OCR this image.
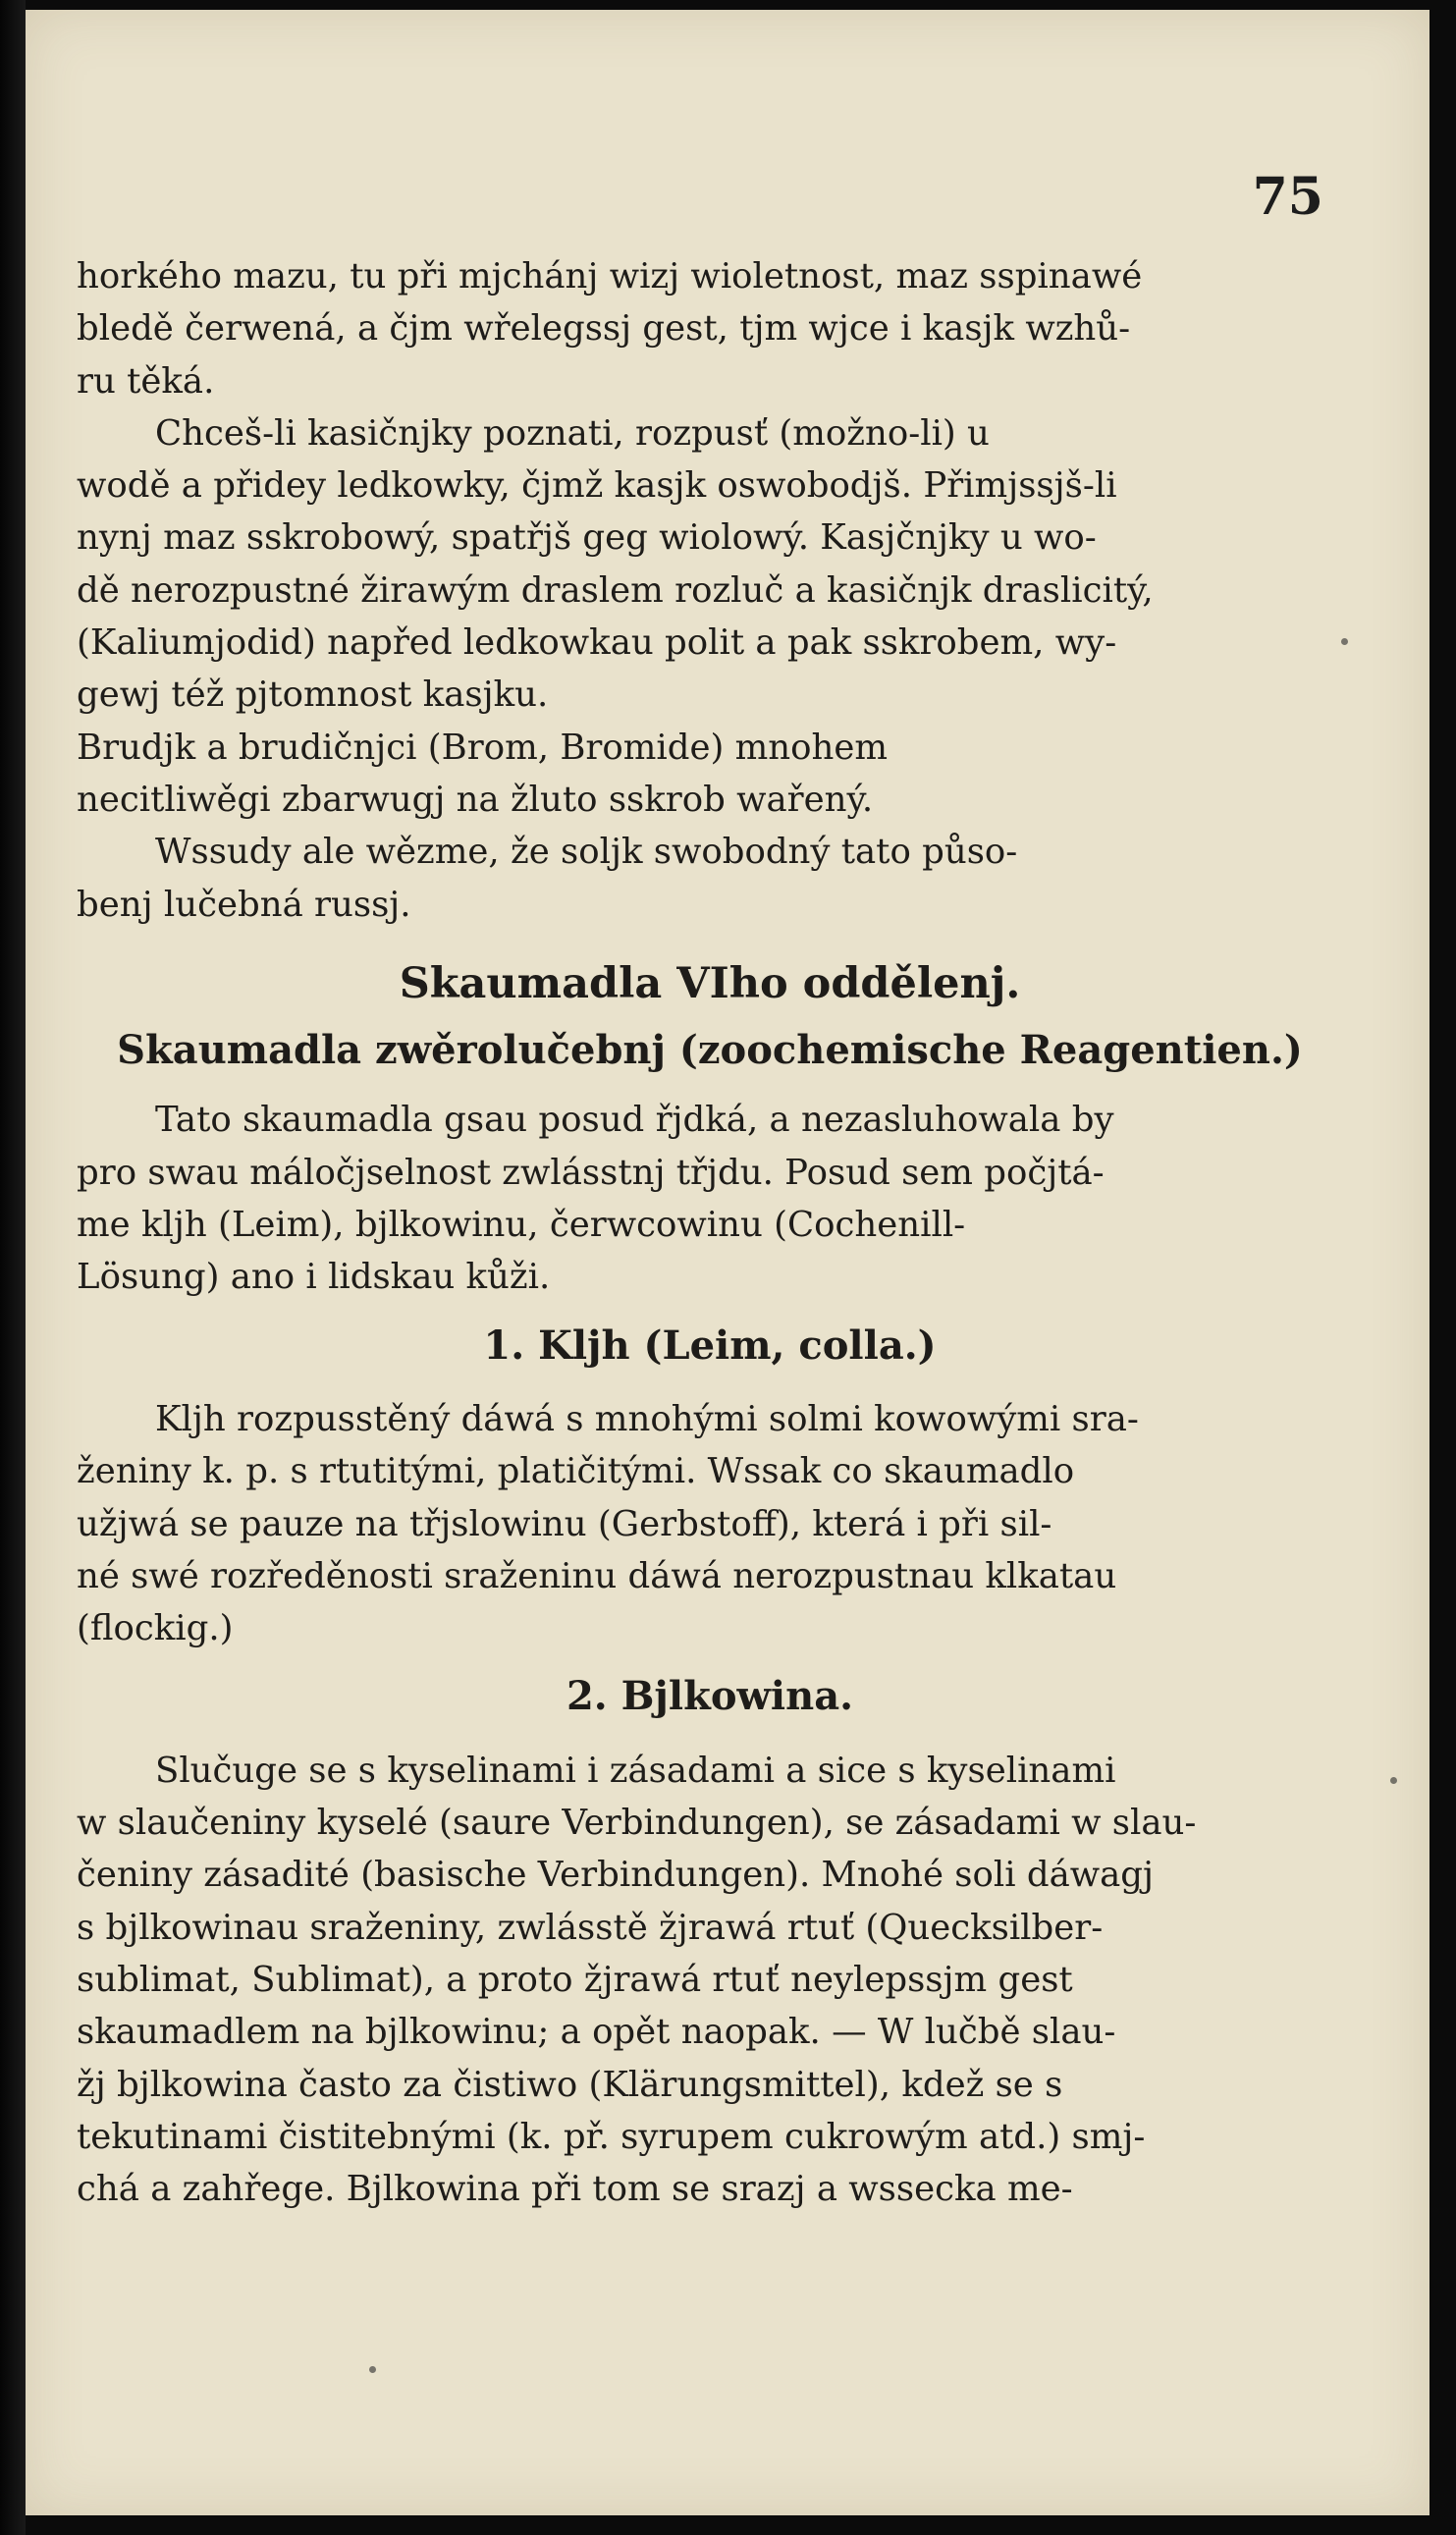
75
horkého mazu, tu při mjchánj wizj wioletnost, maz sspinawé
bledě čerwená, a čjm wřelegssj gest, tjm wjce i kasjk wzhů-
ru těká.
Chceš-li kasičnjky poznati, rozpusť (možno-li) u
wodě a přidey ledkowky, čjmž kasjk oswobodjš. Přimjssjš-li
nynj maz sskrobowý, spatřjš geg wiolowý. Kasjčnjky u wo-
dě nerozpustné žirawým draslem rozluč a kasičnjk draslicitý,
(Kaliumjodid) napřed ledkowkau polit a pak sskrobem, wy-
gewj též pjtomnost kasjku.
Brudjk a brudičnjci (Brom, Bromide) mnohem
necitliwěgi zbarwugj na žluto sskrob wařený.
Wssudy ale wězme, že soljk swobodný tato půso-
benj lučebná russj.
Skaumadla VIho oddělenj.
Skaumadla zwěrolučebnj (zoochemische Reagentien.)
Tato skaumadla gsau posud řjdká, a nezasluhowala by
pro swau máločjselnost zwlásstnj třjdu. Posud sem počjtá-
me kljh (Leim), bjlkowinu, čerwcowinu (Cochenill-
Lösung) ano i lidskau kůži.
1. Kljh (Leim, colla.)
Kljh rozpusstěný dáwá s mnohými solmi kowowými sra-
ženiny k. p. s rtutitými, platičitými. Wssak co skaumadlo
užjwá se pauze na třjslowinu (Gerbstoff), která i při sil-
né swé rozředěnosti sraženinu dáwá nerozpustnau klkatau
(flockig.)
2. Bjlkowina.
Slučuge se s kyselinami i zásadami a sice s kyselinami
w slaučeniny kyselé (saure Verbindungen), se zásadami w slau-
čeniny zásadité (basische Verbindungen). Mnohé soli dáwagj
s bjlkowinau sraženiny, zwlásstě žjrawá rtuť (Quecksilber-
sublimat, Sublimat), a proto žjrawá rtuť neylepssjm gest
skaumadlem na bjlkowinu; a opět naopak. — W lučbě slau-
žj bjlkowina často za čistiwo (Klärungsmittel), kdež se s
tekutinami čistitebnými (k. př. syrupem cukrowým atd.) smj-
chá a zahřege. Bjlkowina při tom se srazj a wssecka me-
